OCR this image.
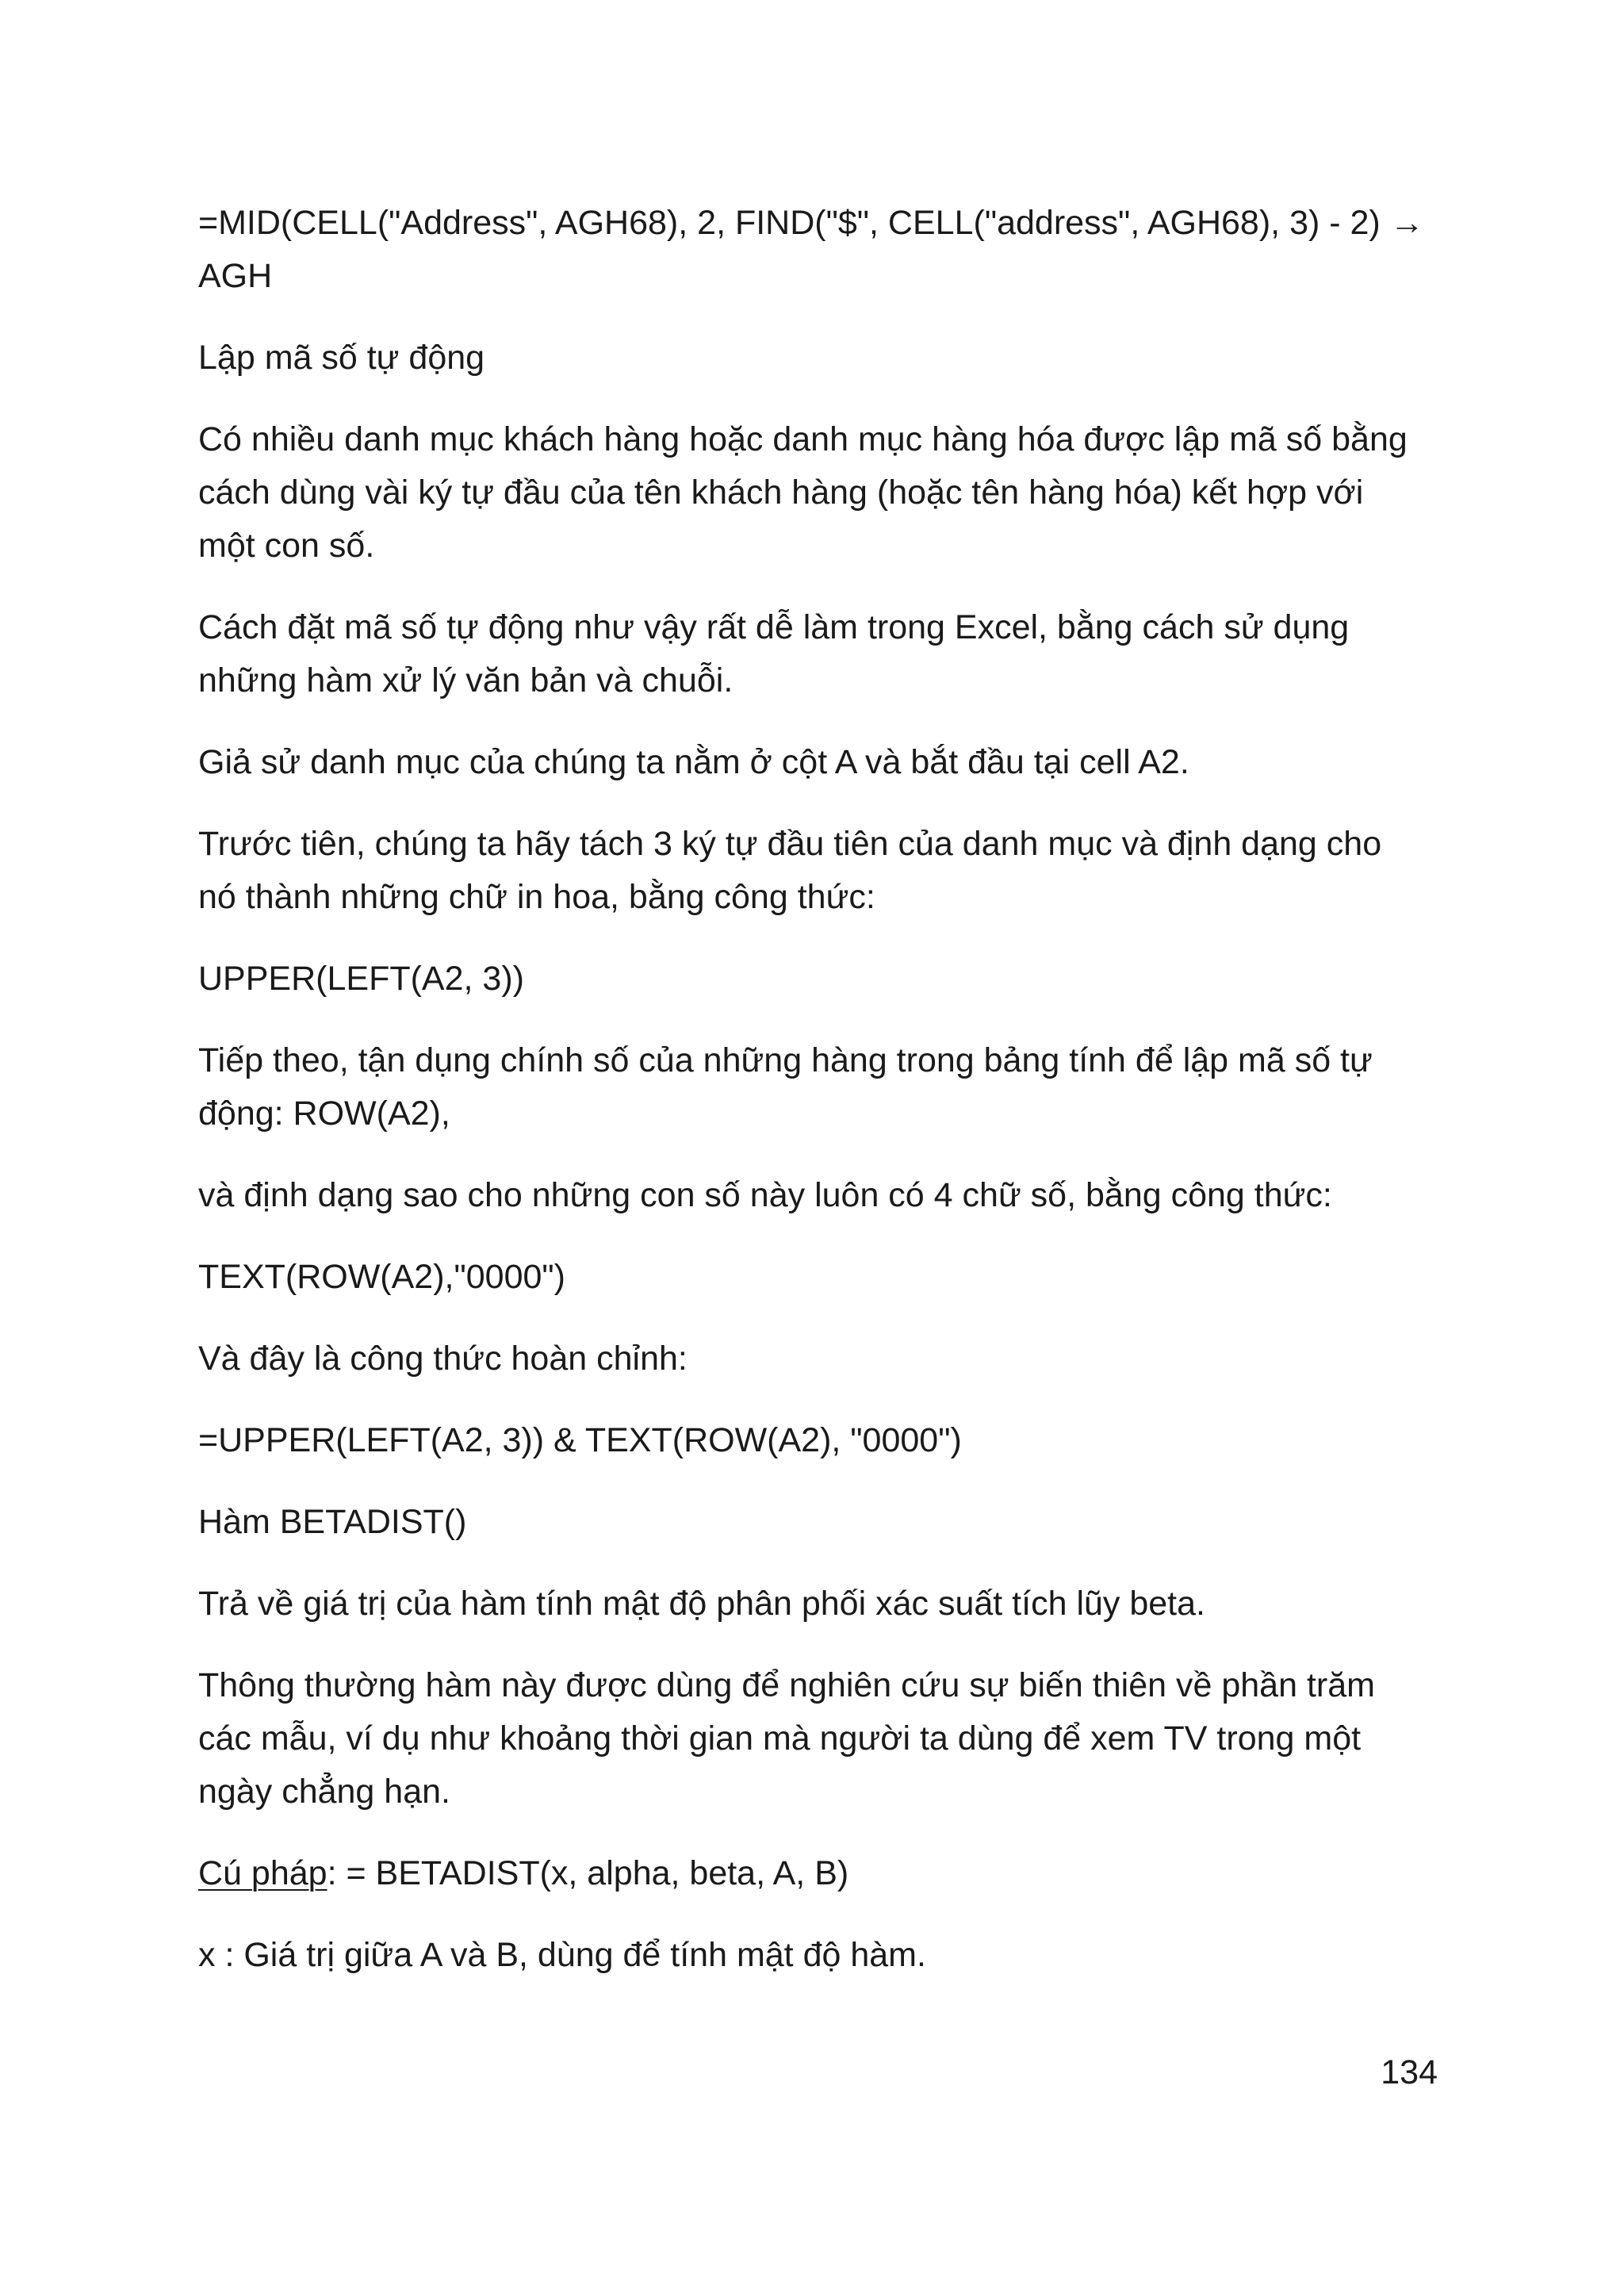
=MID(CELL("Address", AGH68), 2, FIND("$", CELL("address", AGH68), 3) - 2) →
AGH

Lập mã số tự động

Có nhiều danh mục khách hàng hoặc danh mục hàng hóa được lập mã số bằng
cách dùng vài ký tự đầu của tên khách hàng (hoặc tên hàng hóa) kết hợp với
một con số.

Cách đặt mã số tự động như vậy rất dễ làm trong Excel, bằng cách sử dụng
những hàm xử lý văn bản và chuỗi.

Giả sử danh mục của chúng ta nằm ở cột A và bắt đầu tại cell A2.

Trước tiên, chúng ta hãy tách 3 ký tự đầu tiên của danh mục và định dạng cho
nó thành những chữ in hoa, bằng công thức:

UPPER(LEFT(A2, 3))

Tiếp theo, tận dụng chính số của những hàng trong bảng tính để lập mã số tự
động: ROW(A2),

và định dạng sao cho những con số này luôn có 4 chữ số, bằng công thức:

TEXT(ROW(A2),"0000")

Và đây là công thức hoàn chỉnh:

=UPPER(LEFT(A2, 3)) & TEXT(ROW(A2), "0000")

Hàm BETADIST()

Trả về giá trị của hàm tính mật độ phân phối xác suất tích lũy beta.

Thông thường hàm này được dùng để nghiên cứu sự biến thiên về phần trăm
các mẫu, ví dụ như khoảng thời gian mà người ta dùng để xem TV trong một
ngày chẳng hạn.

Cú pháp: = BETADIST(x, alpha, beta, A, B)

x : Giá trị giữa A và B, dùng để tính mật độ hàm.

134
